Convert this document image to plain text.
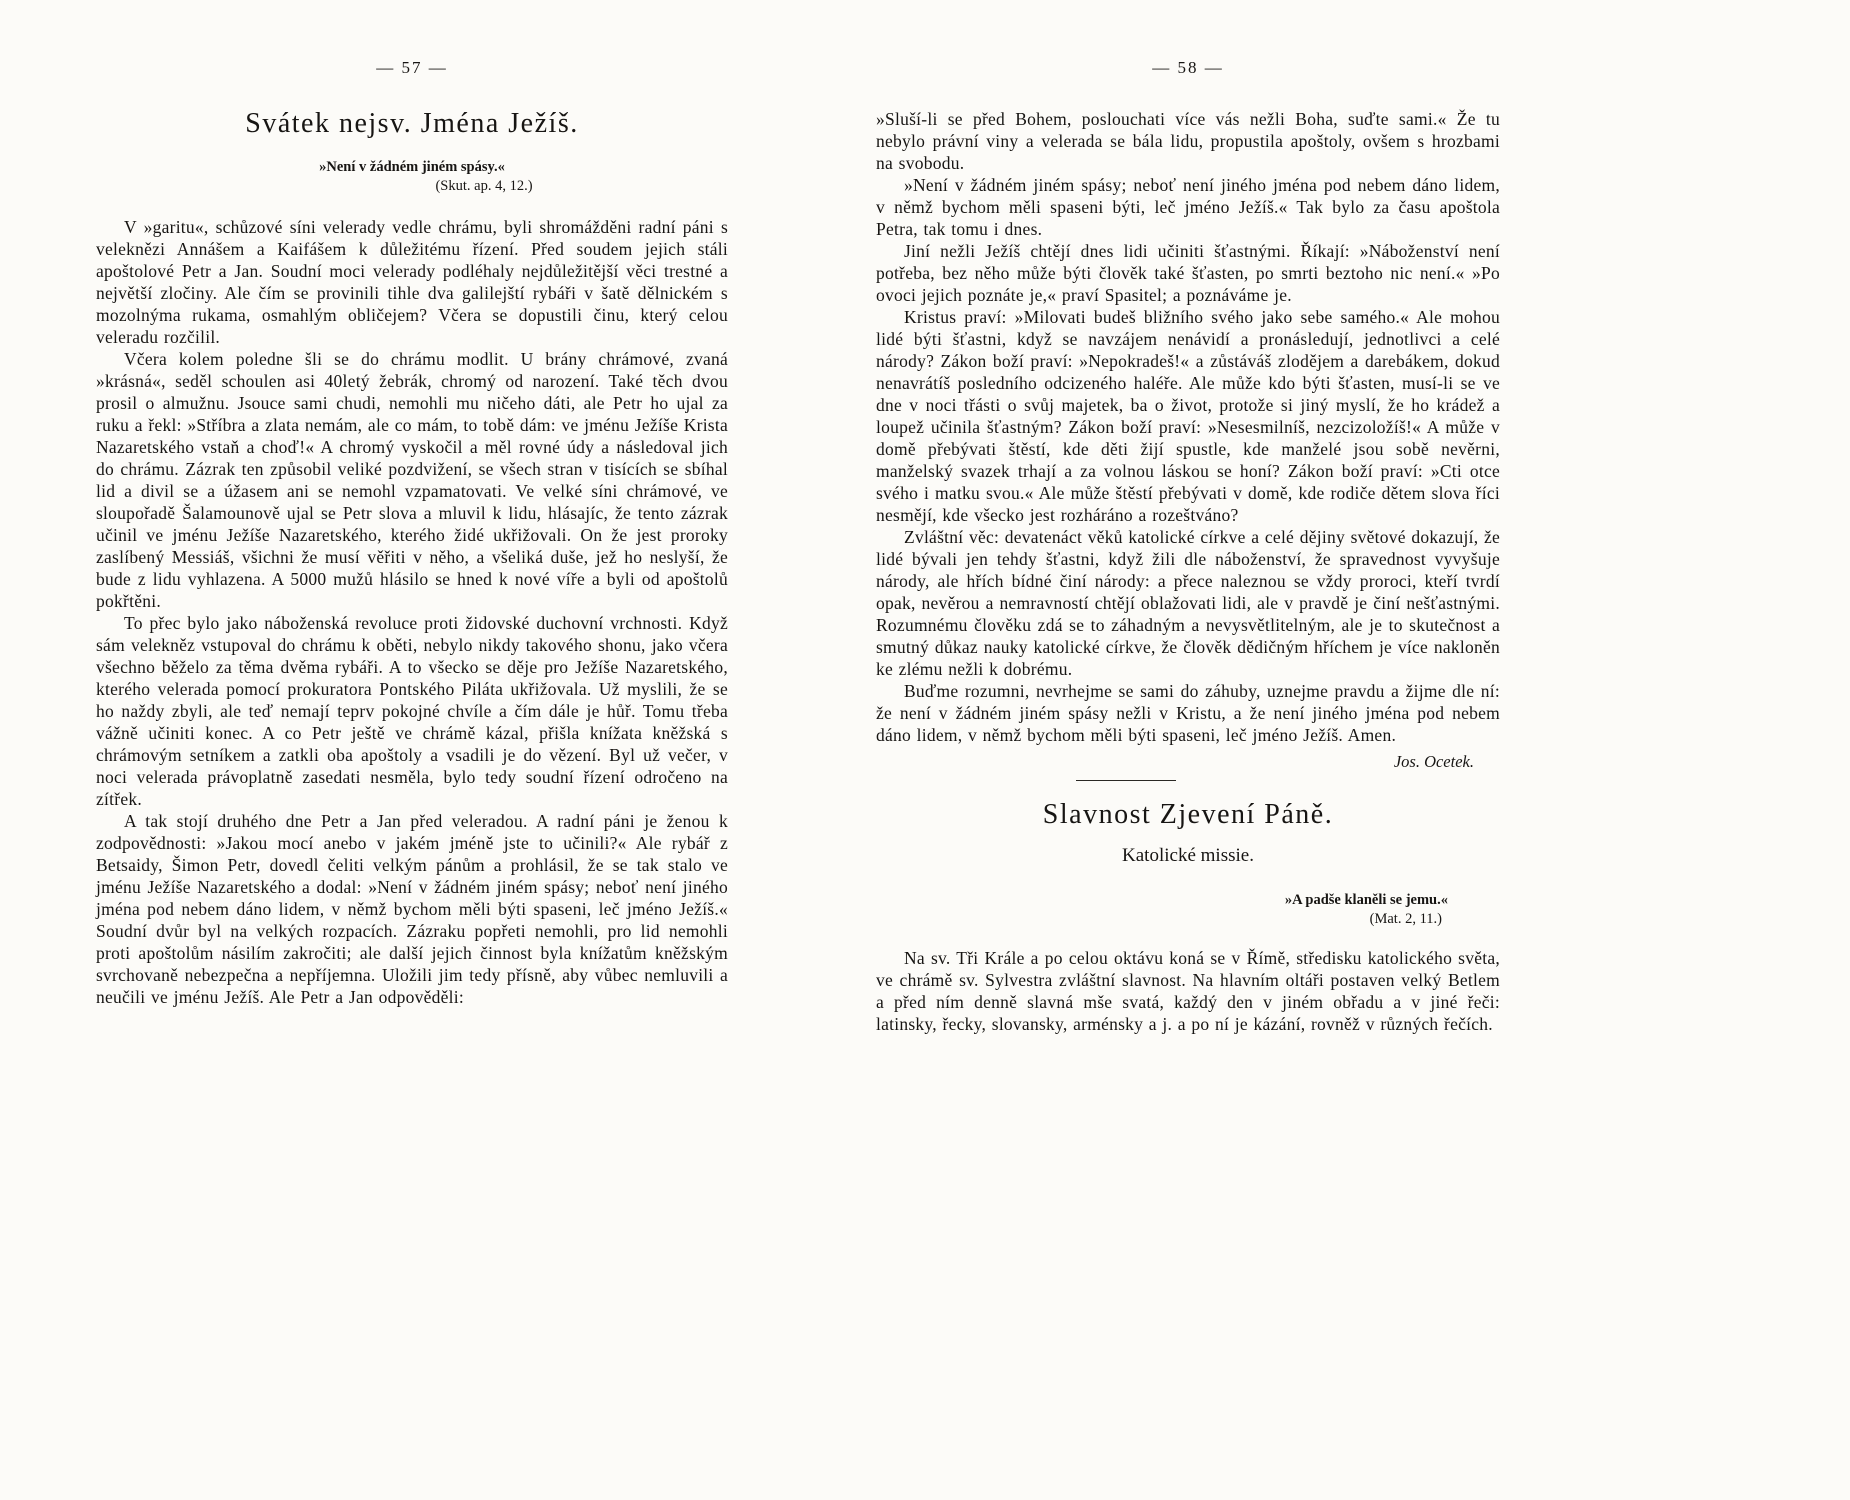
— 57 —
Svátek nejsv. Jména Ježíš.
»Není v žádném jiném spásy.«
(Skut. ap. 4, 12.)

V »garitu«, schůzové síni velerady vedle chrámu, byli shromážděni radní páni s veleknězi Annášem a Kaifášem k důležitému řízení. Před soudem jejich stáli apoštolové Petr a Jan. Soudní moci velerady podléhaly nejdůležitější věci trestné a největší zločiny. Ale čím se provinili tihle dva galilejští rybáři v šatě dělnickém s mozolnýma rukama, osmahlým obličejem? Včera se dopustili činu, který celou veleradu rozčilil.

Včera kolem poledne šli se do chrámu modlit. U brány chrámové, zvaná »krásná«, seděl schoulen asi 40letý žebrák, chromý od narození. Také těch dvou prosil o almužnu. Jsouce sami chudi, nemohli mu ničeho dáti, ale Petr ho ujal za ruku a řekl: »Stříbra a zlata nemám, ale co mám, to tobě dám: ve jménu Ježíše Krista Nazaretského vstaň a choď!« A chromý vyskočil a měl rovné údy a následoval jich do chrámu. Zázrak ten způsobil veliké pozdvižení, se všech stran v tisících se sbíhal lid a divil se a úžasem ani se nemohl vzpamatovati. Ve velké síni chrámové, ve sloupořadě Šalamounově ujal se Petr slova a mluvil k lidu, hlásajíc, že tento zázrak učinil ve jménu Ježíše Nazaretského, kterého židé ukřižovali. On že jest proroky zaslíbený Messiáš, všichni že musí věřiti v něho, a všeliká duše, jež ho neslyší, že bude z lidu vyhlazena. A 5000 mužů hlásilo se hned k nové víře a byli od apoštolů pokřtěni.

To přec bylo jako náboženská revoluce proti židovské duchovní vrchnosti. Když sám velekněz vstupoval do chrámu k oběti, nebylo nikdy takového shonu, jako včera všechno běželo za těma dvěma rybáři. A to všecko se děje pro Ježíše Nazaretského, kterého velerada pomocí prokuratora Pontského Piláta ukřižovala. Už myslili, že se ho naždy zbyli, ale teď nemají teprv pokojné chvíle a čím dále je hůř. Tomu třeba vážně učiniti konec. A co Petr ještě ve chrámě kázal, přišla knížata kněžská s chrámovým setníkem a zatkli oba apoštoly a vsadili je do vězení. Byl už večer, v noci velerada právoplatně zasedati nesměla, bylo tedy soudní řízení odročeno na zítřek.

A tak stojí druhého dne Petr a Jan před veleradou. A radní páni je ženou k zodpovědnosti: »Jakou mocí anebo v jakém jméně jste to učinili?« Ale rybář z Betsaidy, Šimon Petr, dovedl čeliti velkým pánům a prohlásil, že se tak stalo ve jménu Ježíše Nazaretského a dodal: »Není v žádném jiném spásy; neboť není jiného jména pod nebem dáno lidem, v němž bychom měli býti spaseni, leč jméno Ježíš.« Soudní dvůr byl na velkých rozpacích. Zázraku popřeti nemohli, pro lid nemohli proti apoštolům násilím zakročiti; ale další jejich činnost byla knížatům kněžským svrchovaně nebezpečna a nepříjemna. Uložili jim tedy přísně, aby vůbec nemluvili a neučili ve jménu Ježíš. Ale Petr a Jan odpověděli:

— 58 —

»Sluší-li se před Bohem, poslouchati více vás nežli Boha, suďte sami.« Že tu nebylo právní viny a velerada se bála lidu, propustila apoštoly, ovšem s hrozbami na svobodu.

»Není v žádném jiném spásy; neboť není jiného jména pod nebem dáno lidem, v němž bychom měli spaseni býti, leč jméno Ježíš.« Tak bylo za času apoštola Petra, tak tomu i dnes.

Jiní nežli Ježíš chtějí dnes lidi učiniti šťastnými. Říkají: »Náboženství není potřeba, bez něho může býti člověk také šťasten, po smrti beztoho nic není.« »Po ovoci jejich poznáte je,« praví Spasitel; a poznáváme je.

Kristus praví: »Milovati budeš bližního svého jako sebe samého.« Ale mohou lidé býti šťastni, když se navzájem nenávidí a pronásledují, jednotlivci a celé národy? Zákon boží praví: »Nepokradeš!« a zůstáváš zlodějem a darebákem, dokud nenavrátíš posledního odcizeného haléře. Ale může kdo býti šťasten, musí-li se ve dne v noci třásti o svůj majetek, ba o život, protože si jiný myslí, že ho krádež a loupež učinila šťastným? Zákon boží praví: »Nesesmilníš, nezcizoložíš!« A může v domě přebývati štěstí, kde děti žijí spustle, kde manželé jsou sobě nevěrni, manželský svazek trhají a za volnou láskou se honí? Zákon boží praví: »Cti otce svého i matku svou.« Ale může štěstí přebývati v domě, kde rodiče dětem slova říci nesmějí, kde všecko jest rozháráno a rozeštváno?

Zvláštní věc: devatenáct věků katolické církve a celé dějiny světové dokazují, že lidé bývali jen tehdy šťastni, když žili dle náboženství, že spravednost vyvyšuje národy, ale hřích bídné činí národy: a přece naleznou se vždy proroci, kteří tvrdí opak, nevěrou a nemravností chtějí oblažovati lidi, ale v pravdě je činí nešťastnými. Rozumnému člověku zdá se to záhadným a nevysvětlitelným, ale je to skutečnost a smutný důkaz nauky katolické církve, že člověk dědičným hříchem je více nakloněn ke zlému nežli k dobrému.

Buďme rozumni, nevrhejme se sami do záhuby, uznejme pravdu a žijme dle ní: že není v žádném jiném spásy nežli v Kristu, a že není jiného jména pod nebem dáno lidem, v němž bychom měli býti spaseni, leč jméno Ježíš. Amen.

Jos. Ocetek.
Slavnost Zjevení Páně.
Katolické missie.
»A padše klaněli se jemu.«
(Mat. 2, 11.)

Na sv. Tři Krále a po celou oktávu koná se v Římě, středisku katolického světa, ve chrámě sv. Sylvestra zvláštní slavnost. Na hlavním oltáři postaven velký Betlem a před ním denně slavná mše svatá, každý den v jiném obřadu a v jiné řeči: latinsky, řecky, slovansky, arménsky a j. a po ní je kázání, rovněž v různých řečích.
